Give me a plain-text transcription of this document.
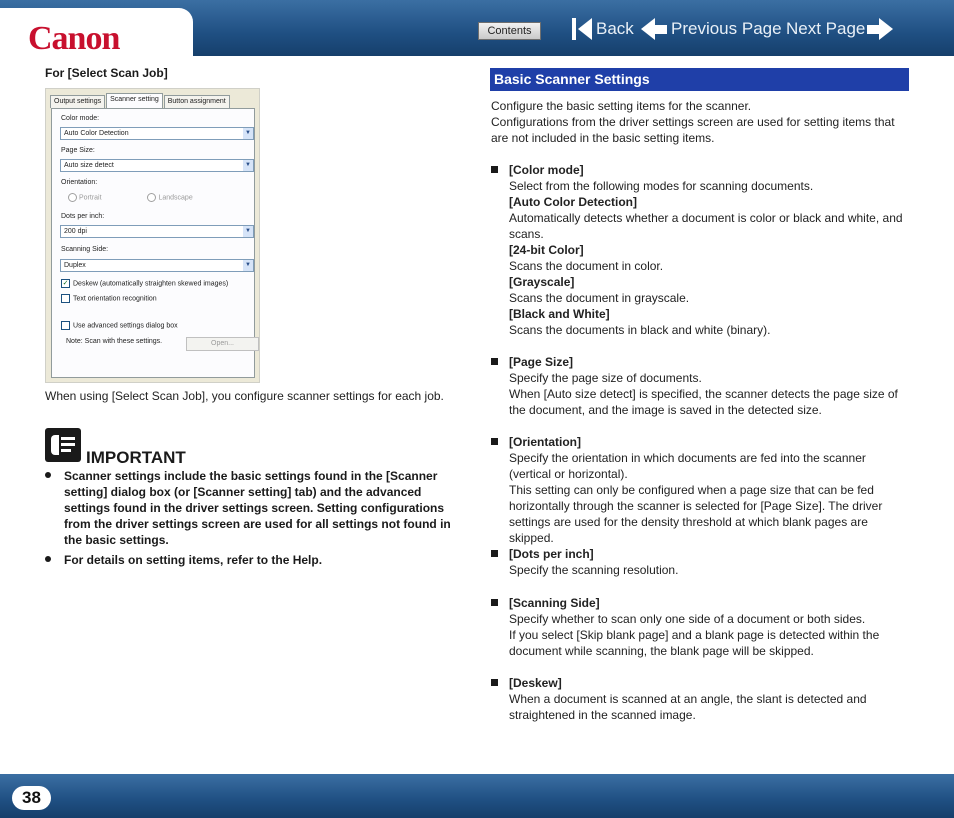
Canon	Contents	Back Previous Page Next Page
For [Select Scan Job]
Output settings	Scanner setting	Button assignment
Color mode:
Auto Color Detection	▼
Page Size:
Auto size detect	▼
Orientation:
Portrait	Landscape
Dots per inch:
200 dpi	▼
Scanning Side:
Duplex	▼
✓ Deskew (automatically straighten skewed images)
Text orientation recognition
Use advanced settings dialog box
Note: Scan with these settings.	Open...
When using [Select Scan Job], you configure scanner settings for each job.
IMPORTANT
Scanner settings include the basic settings found in the [Scanner setting] dialog box (or [Scanner setting] tab) and the advanced settings found in the driver settings screen. Setting configurations from the driver settings screen are used for all settings not found in the basic settings.
For details on setting items, refer to the Help.
Basic Scanner Settings
Configure the basic setting items for the scanner.
Configurations from the driver settings screen are used for setting items that are not included in the basic setting items.
[Color mode]
Select from the following modes for scanning documents.
[Auto Color Detection]
Automatically detects whether a document is color or black and white, and scans.
[24-bit Color]
Scans the document in color.
[Grayscale]
Scans the document in grayscale.
[Black and White]
Scans the documents in black and white (binary).
[Page Size]
Specify the page size of documents.
When [Auto size detect] is specified, the scanner detects the page size of the document, and the image is saved in the detected size.
[Orientation]
Specify the orientation in which documents are fed into the scanner (vertical or horizontal).
This setting can only be configured when a page size that can be fed horizontally through the scanner is selected for [Page Size]. The driver settings are used for the density threshold at which blank pages are skipped.
[Dots per inch]
Specify the scanning resolution.
[Scanning Side]
Specify whether to scan only one side of a document or both sides.
If you select [Skip blank page] and a blank page is detected within the document while scanning, the blank page will be skipped.
[Deskew]
When a document is scanned at an angle, the slant is detected and straightened in the scanned image.
38
